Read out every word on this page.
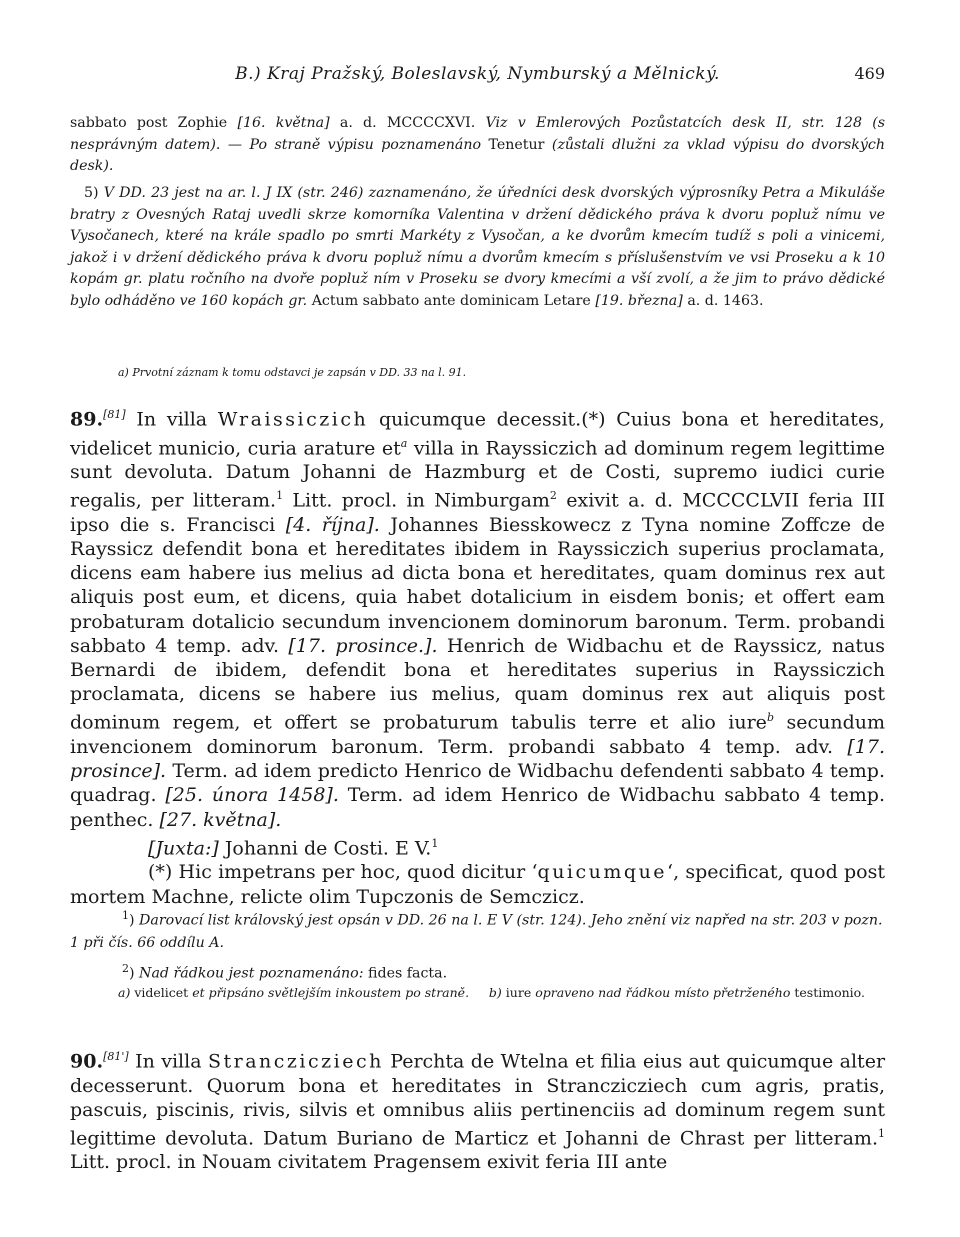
B.) Kraj Pražský, Boleslavský, Nymburský a Mělnický.	469

sabbato post Zophie [16. května] a. d. MCCCCXVI. Viz v Emlerových Pozůstatcích desk II, str. 128 (s nesprávným datem). — Po straně výpisu poznamenáno Tenetur (zůstali dlužni za vklad výpisu do dvorských desk).

5) V DD. 23 jest na ar. l. J IX (str. 246) zaznamenáno, že úředníci desk dvorských výprosníky Petra a Mikuláše bratry z Ovesných Rataj uvedli skrze komorníka Valentina v držení dědického práva k dvoru popluž nímu ve Vysočanech, které na krále spadlo po smrti Markéty z Vysočan, a ke dvorům kmecím tudíž s poli a vinicemi, jakož i v držení dědického práva k dvoru popluž nímu a dvorům kmecím s příslušenstvím ve vsi Proseku a k 10 kopám gr. platu ročního na dvoře popluž ním v Proseku se dvory kmecími a vší zvolí, a že jim to právo dědické bylo odháděno ve 160 kopách gr. Actum sabbato ante dominicam Letare [19. března] a. d. 1463.

a) Prvotní záznam k tomu odstavci je zapsán v DD. 33 na l. 91.

89.[81] In villa Wraissiczich quicumque decessit.(*) Cuius bona et hereditates, videlicet municio, curia arature $et^a$ villa in Rayssiczich ad dominum regem legittime sunt devoluta. Datum Johanni de Hazmburg et de Costi, supremo iudici curie regalis, per litteram.$^1$ Litt. procl. in Nimburgam$^2$ exivit a. d. MCCCCLVII feria III ipso die s. Francisci [4. října]. Johannes Biesskowecz z Tyna nomine Zoffcze de Rayssicz defendit bona et hereditates ibidem in Rayssiczich superius proclamata, dicens eam habere ius melius ad dicta bona et hereditates, quam dominus rex aut aliquis post eum, et dicens, quia habet dotalicium in eisdem bonis; et offert eam probaturam dotalicio secundum invencionem dominorum baronum. Term. probandi sabbato 4 temp. adv. [17. prosince.]. Henrich de Widbachu et de Rayssicz, natus Bernardi de ibidem, defendit bona et hereditates superius in Rayssiczich proclamata, dicens se habere ius melius, quam dominus rex aut aliquis post dominum regem, et offert se probaturum tabulis terre et alio iure$^b$ secundum invencionem dominorum baronum. Term. probandi sabbato 4 temp. adv. [17. prosince]. Term. ad idem predicto Henrico de Widbachu defendenti sabbato 4 temp. quadrag. [25. února 1458]. Term. ad idem Henrico de Widbachu sabbato 4 temp. penthec. [27. května].

[Juxta:] Johanni de Costi. E V.$^1$

(*) Hic impetrans per hoc, quod dicitur ‘quicumque‘, specificat, quod post mortem Machne, relicte olim Tupczonis de Semczicz.

$^1$) Darovací list královský jest opsán v DD. 26 na l. E V (str. 124). Jeho znění viz napřed na str. 203 v pozn. 1 při čís. 66 oddílu A.

$^2$) Nad řádkou jest poznamenáno: fides facta.

a) videlicet et připsáno světlejším inkoustem po straně. b) iure opraveno nad řádkou místo přetrženého testimonio.

90.[81'] In villa Stranczicziech Perchta de Wtelna et filia eius aut quicumque alter decesserunt. Quorum bona et hereditates in Stranczicziech cum agris, pratis, pascuis, piscinis, rivis, silvis et omnibus aliis pertinenciis ad dominum regem sunt legittime devoluta. Datum Buriano de Marticz et Johanni de Chrast per litteram.$^1$ Litt. procl. in Nouam civitatem Pragensem exivit feria III ante
